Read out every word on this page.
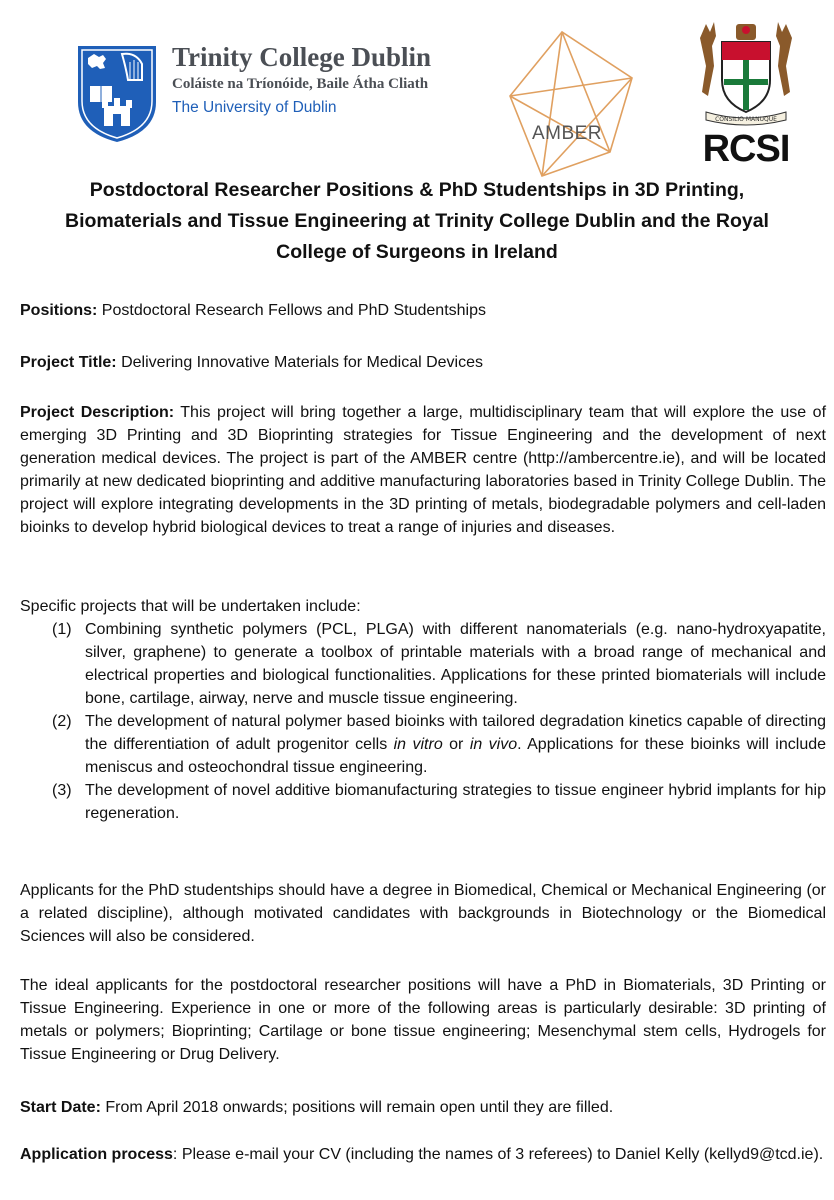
Trinity College Dublin
Coláiste na Tríonóide, Baile Átha Cliath
The University of Dublin
AMBER
CONSILIO MANUQUE
RCSI
Postdoctoral Researcher Positions & PhD Studentships in 3D Printing, Biomaterials and Tissue Engineering at Trinity College Dublin and the Royal College of Surgeons in Ireland
Positions: Postdoctoral Research Fellows and PhD Studentships
Project Title: Delivering Innovative Materials for Medical Devices
Project Description: This project will bring together a large, multidisciplinary team that will explore the use of emerging 3D Printing and 3D Bioprinting strategies for Tissue Engineering and the development of next generation medical devices. The project is part of the AMBER centre (http://ambercentre.ie), and will be located primarily at new dedicated bioprinting and additive manufacturing laboratories based in Trinity College Dublin. The project will explore integrating developments in the 3D printing of metals, biodegradable polymers and cell-laden bioinks to develop hybrid biological devices to treat a range of injuries and diseases.
Specific projects that will be undertaken include:
(1) Combining synthetic polymers (PCL, PLGA) with different nanomaterials (e.g. nano-hydroxyapatite, silver, graphene) to generate a toolbox of printable materials with a broad range of mechanical and electrical properties and biological functionalities. Applications for these printed biomaterials will include bone, cartilage, airway, nerve and muscle tissue engineering.
(2) The development of natural polymer based bioinks with tailored degradation kinetics capable of directing the differentiation of adult progenitor cells in vitro or in vivo. Applications for these bioinks will include meniscus and osteochondral tissue engineering.
(3) The development of novel additive biomanufacturing strategies to tissue engineer hybrid implants for hip regeneration.
Applicants for the PhD studentships should have a degree in Biomedical, Chemical or Mechanical Engineering (or a related discipline), although motivated candidates with backgrounds in Biotechnology or the Biomedical Sciences will also be considered.
The ideal applicants for the postdoctoral researcher positions will have a PhD in Biomaterials, 3D Printing or Tissue Engineering. Experience in one or more of the following areas is particularly desirable: 3D printing of metals or polymers; Bioprinting; Cartilage or bone tissue engineering; Mesenchymal stem cells, Hydrogels for Tissue Engineering or Drug Delivery.
Start Date: From April 2018 onwards; positions will remain open until they are filled.
Application process: Please e-mail your CV (including the names of 3 referees) to Daniel Kelly (kellyd9@tcd.ie).
